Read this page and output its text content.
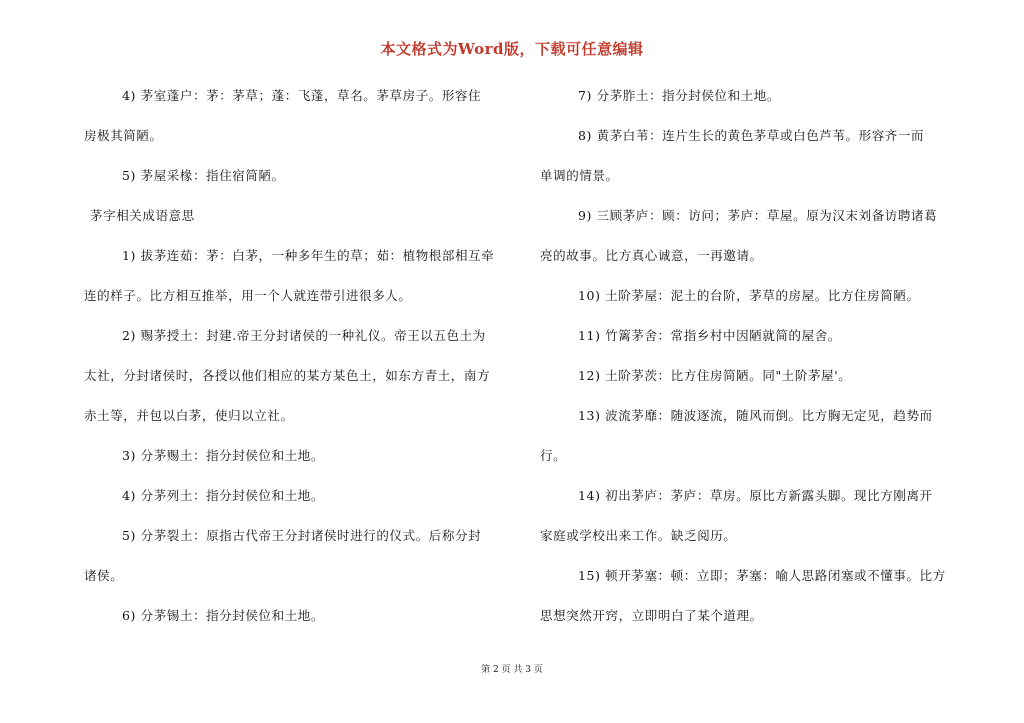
本文格式为Word版，下载可任意编辑
4) 茅室蓬户：茅：茅草；蓬：飞蓬，草名。茅草房子。形容住
房极其简陋。
5) 茅屋采椽：指住宿简陋。
茅字相关成语意思
1) 拔茅连茹：茅：白茅，一种多年生的草；茹：植物根部相互牵
连的样子。比方相互推举，用一个人就连带引进很多人。
2) 赐茅授土：封建.帝王分封诸侯的一种礼仪。帝王以五色土为
太社，分封诸侯时，各授以他们相应的某方某色土，如东方青土，南方
赤土等，并包以白茅，使归以立社。
3) 分茅赐土：指分封侯位和土地。
4) 分茅列土：指分封侯位和土地。
5) 分茅裂土：原指古代帝王分封诸侯时进行的仪式。后称分封
诸侯。
6) 分茅锡土：指分封侯位和土地。
7) 分茅胙土：指分封侯位和土地。
8) 黄茅白苇：连片生长的黄色茅草或白色芦苇。形容齐一而
单调的情景。
9) 三顾茅庐：顾：访问；茅庐：草屋。原为汉末刘备访聘诸葛
亮的故事。比方真心诚意，一再邀请。
10) 土阶茅屋：泥土的台阶，茅草的房屋。比方住房简陋。
11) 竹篱茅舍：常指乡村中因陋就简的屋舍。
12) 土阶茅茨：比方住房简陋。同"土阶茅屋'。
13) 波流茅靡：随波逐流，随风而倒。比方胸无定见，趋势而
行。
14) 初出茅庐：茅庐：草房。原比方新露头脚。现比方刚离开
家庭或学校出来工作。缺乏阅历。
15) 顿开茅塞：顿：立即；茅塞：喻人思路闭塞或不懂事。比方
思想突然开窍，立即明白了某个道理。
第 2 页 共 3 页
